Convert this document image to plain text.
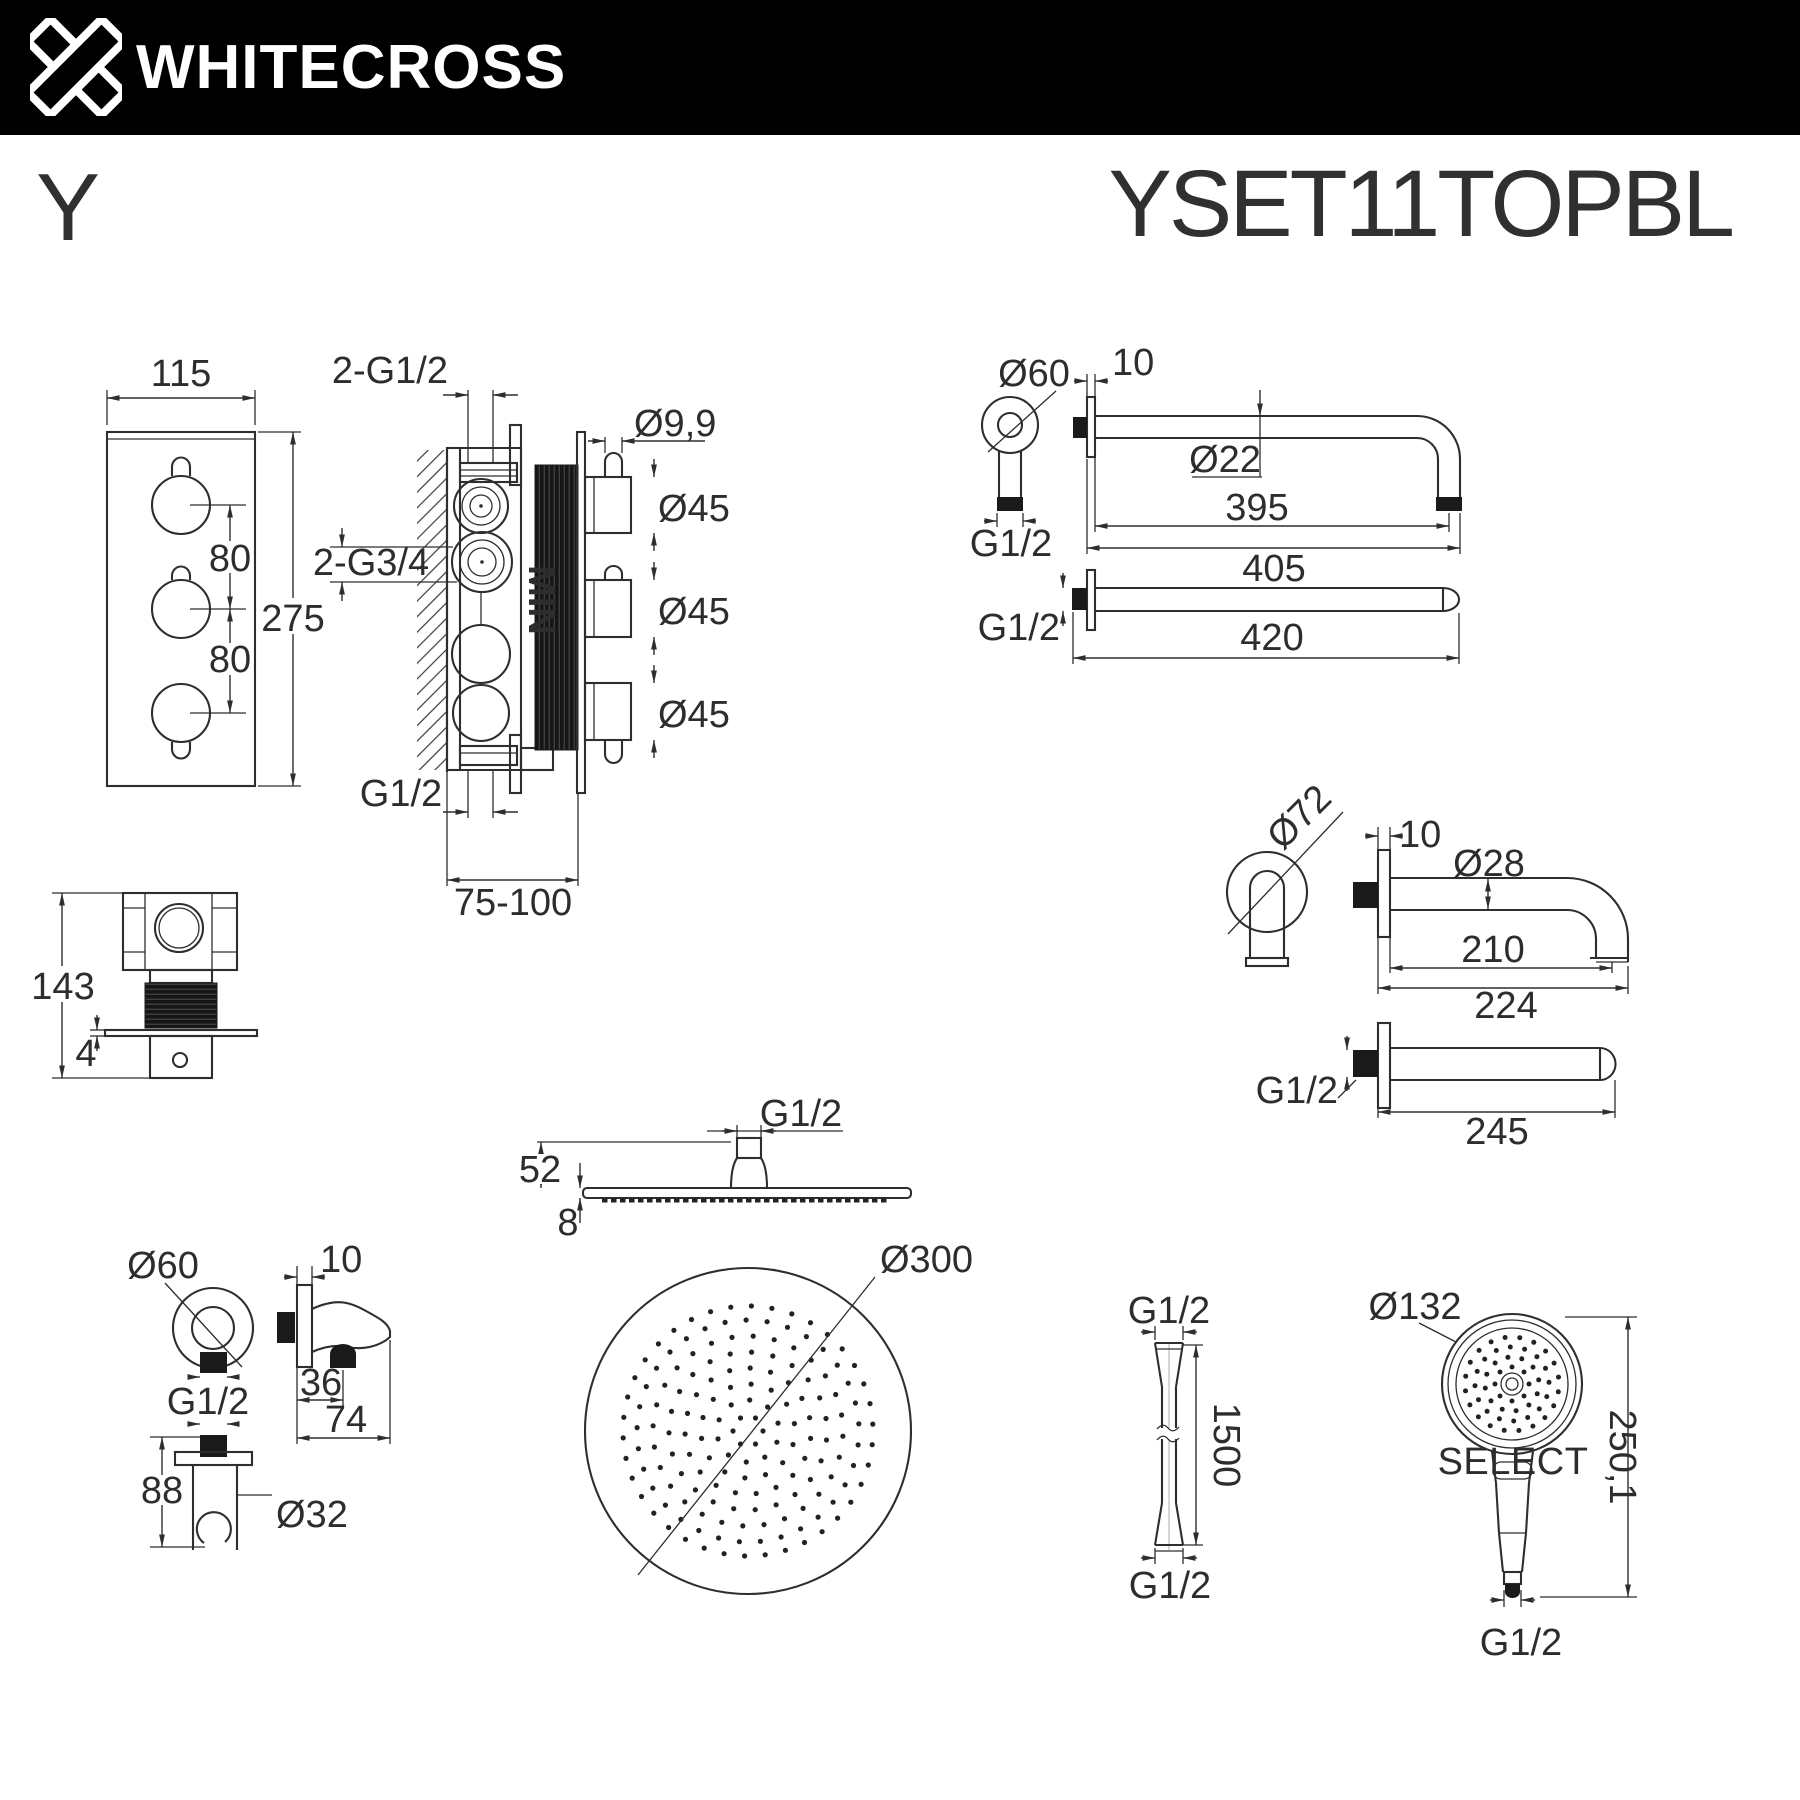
WHITECROSS
Y	YSET11TOPBL
115
80
80
275	MIN
2-G1/2
Ø9,9
Ø45
Ø45
Ø45
2-G3/4
G1/2
75-100
Ø60
G1/2
10
Ø22
395
405
G1/2	420
143
4
Ø72 10
Ø28
210
224
G1/2
245
G1/2
52
8
Ø300
Ø60
G1/2
88
Ø32
10
36
74
G1/2
1500
G1/2
SELECT
Ø132
250,1
G1/2
